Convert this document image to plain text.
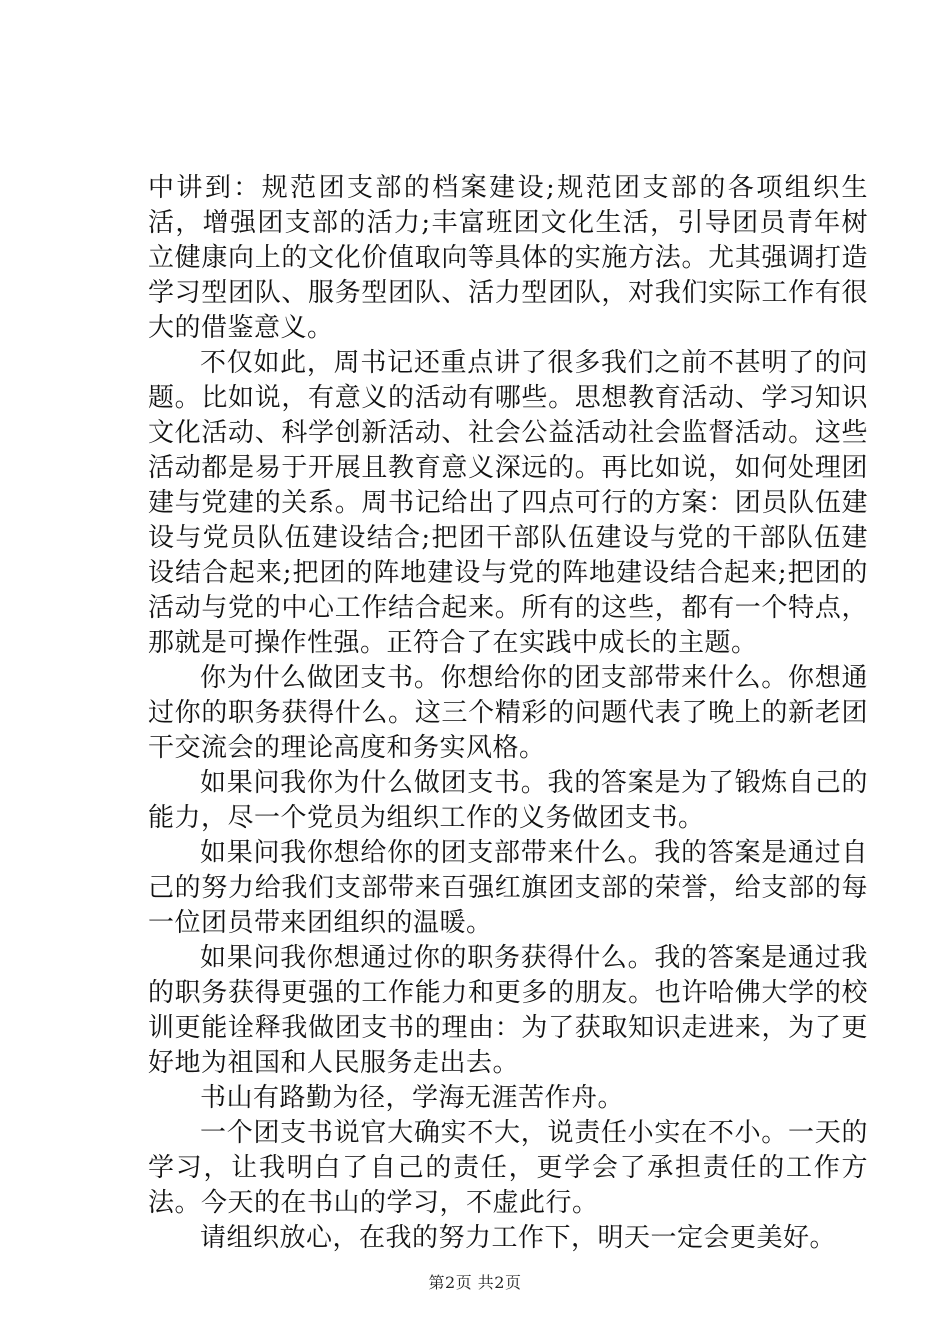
中讲到：规范团支部的档案建设;规范团支部的各项组织生活，增强团支部的活力;丰富班团文化生活，引导团员青年树立健康向上的文化价值取向等具体的实施方法。尤其强调打造学习型团队、服务型团队、活力型团队，对我们实际工作有很大的借鉴意义。

不仅如此，周书记还重点讲了很多我们之前不甚明了的问题。比如说，有意义的活动有哪些。思想教育活动、学习知识文化活动、科学创新活动、社会公益活动社会监督活动。这些活动都是易于开展且教育意义深远的。再比如说，如何处理团建与党建的关系。周书记给出了四点可行的方案：团员队伍建设与党员队伍建设结合;把团干部队伍建设与党的干部队伍建设结合起来;把团的阵地建设与党的阵地建设结合起来;把团的活动与党的中心工作结合起来。所有的这些，都有一个特点，那就是可操作性强。正符合了在实践中成长的主题。

你为什么做团支书。你想给你的团支部带来什么。你想通过你的职务获得什么。这三个精彩的问题代表了晚上的新老团干交流会的理论高度和务实风格。

如果问我你为什么做团支书。我的答案是为了锻炼自己的能力，尽一个党员为组织工作的义务做团支书。

如果问我你想给你的团支部带来什么。我的答案是通过自己的努力给我们支部带来百强红旗团支部的荣誉，给支部的每一位团员带来团组织的温暖。

如果问我你想通过你的职务获得什么。我的答案是通过我的职务获得更强的工作能力和更多的朋友。也许哈佛大学的校训更能诠释我做团支书的理由：为了获取知识走进来，为了更好地为祖国和人民服务走出去。

书山有路勤为径，学海无涯苦作舟。

一个团支书说官大确实不大，说责任小实在不小。一天的学习，让我明白了自己的责任，更学会了承担责任的工作方法。今天的在书山的学习，不虚此行。

请组织放心，在我的努力工作下，明天一定会更美好。

第2页 共2页
